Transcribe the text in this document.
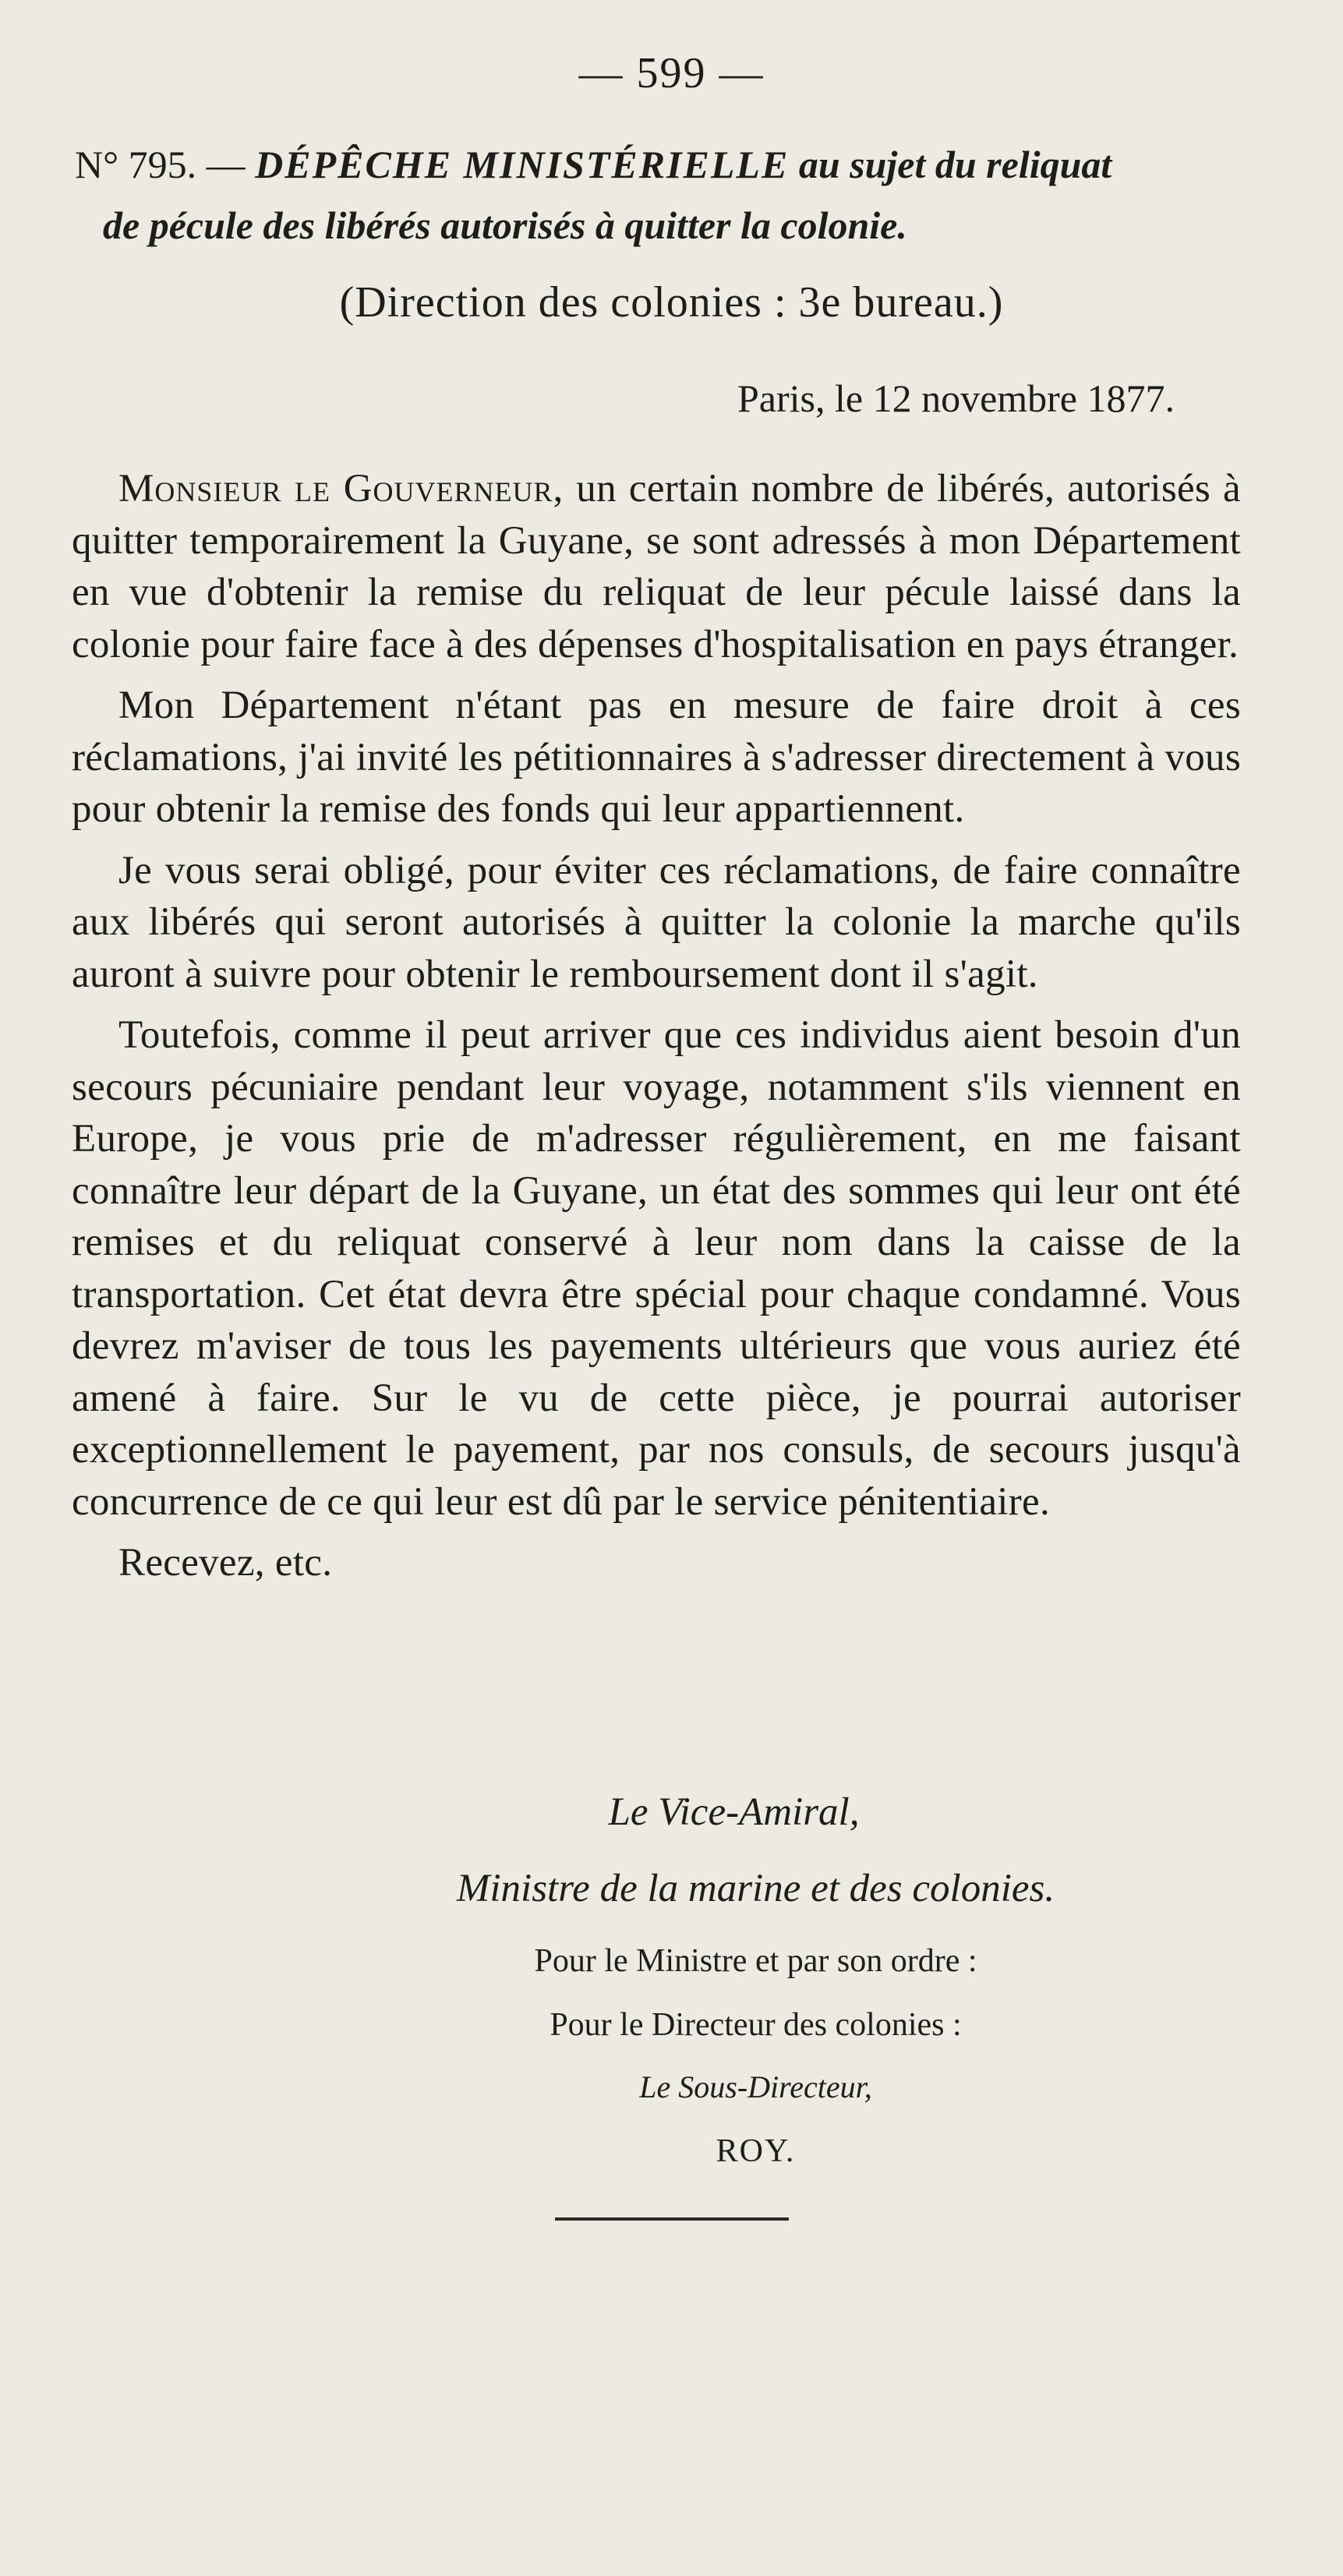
— 599 —
N° 795. — DÉPÊCHE MINISTÉRIELLE au sujet du reliquat
de pécule des libérés autorisés à quitter la colonie.
(Direction des colonies : 3e bureau.)
Paris, le 12 novembre 1877.

Monsieur le Gouverneur, un certain nombre de libérés, autorisés à quitter temporairement la Guyane, se sont adressés à mon Département en vue d'obtenir la remise du reliquat de leur pécule laissé dans la colonie pour faire face à des dépenses d'hospitalisation en pays étranger.

Mon Département n'étant pas en mesure de faire droit à ces réclamations, j'ai invité les pétitionnaires à s'adresser directement à vous pour obtenir la remise des fonds qui leur appartiennent.

Je vous serai obligé, pour éviter ces réclamations, de faire connaître aux libérés qui seront autorisés à quitter la colonie la marche qu'ils auront à suivre pour obtenir le remboursement dont il s'agit.

Toutefois, comme il peut arriver que ces individus aient besoin d'un secours pécuniaire pendant leur voyage, notamment s'ils viennent en Europe, je vous prie de m'adresser régulièrement, en me faisant connaître leur départ de la Guyane, un état des sommes qui leur ont été remises et du reliquat conservé à leur nom dans la caisse de la transportation. Cet état devra être spécial pour chaque condamné. Vous devrez m'aviser de tous les payements ultérieurs que vous auriez été amené à faire. Sur le vu de cette pièce, je pourrai autoriser exceptionnellement le payement, par nos consuls, de secours jusqu'à concurrence de ce qui leur est dû par le service pénitentiaire.

Recevez, etc.

Le Vice-Amiral,
Ministre de la marine et des colonies.
Pour le Ministre et par son ordre :
Pour le Directeur des colonies :
Le Sous-Directeur,
ROY.
